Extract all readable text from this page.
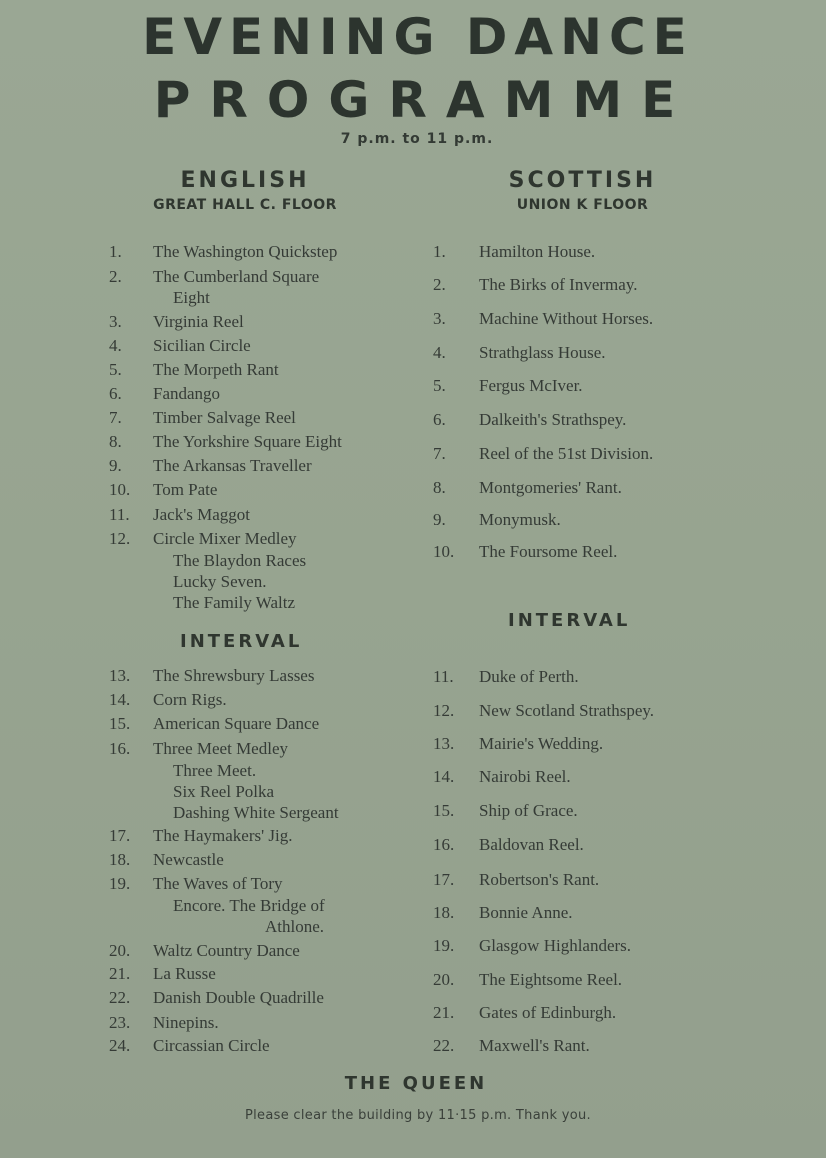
EVENING DANCE
PROGRAMME
7 p.m. to 11 p.m.
ENGLISH
GREAT HALL C. FLOOR
SCOTTISH
UNION K FLOOR
INTERVAL
INTERVAL
1. The Washington Quickstep
2. The Cumberland Square
Eight
3. Virginia Reel
4. Sicilian Circle
5. The Morpeth Rant
6. Fandango
7. Timber Salvage Reel
8. The Yorkshire Square Eight
9. The Arkansas Traveller
10. Tom Pate
11. Jack's Maggot
12. Circle Mixer Medley
The Blaydon Races
Lucky Seven.
The Family Waltz
13. The Shrewsbury Lasses
14. Corn Rigs.
15. American Square Dance
16. Three Meet Medley
Three Meet.
Six Reel Polka
Dashing White Sergeant
17. The Haymakers' Jig.
18. Newcastle
19. The Waves of Tory
Encore. The Bridge of
Athlone.
20. Waltz Country Dance
21. La Russe
22. Danish Double Quadrille
23. Ninepins.
24. Circassian Circle
1. Hamilton House.
2. The Birks of Invermay.
3. Machine Without Horses.
4. Strathglass House.
5. Fergus McIver.
6. Dalkeith's Strathspey.
7. Reel of the 51st Division.
8. Montgomeries' Rant.
9. Monymusk.
10. The Foursome Reel.
11. Duke of Perth.
12. New Scotland Strathspey.
13. Mairie's Wedding.
14. Nairobi Reel.
15. Ship of Grace.
16. Baldovan Reel.
17. Robertson's Rant.
18. Bonnie Anne.
19. Glasgow Highlanders.
20. The Eightsome Reel.
21. Gates of Edinburgh.
22. Maxwell's Rant.
THE QUEEN
Please clear the building by 11·15 p.m. Thank you.
